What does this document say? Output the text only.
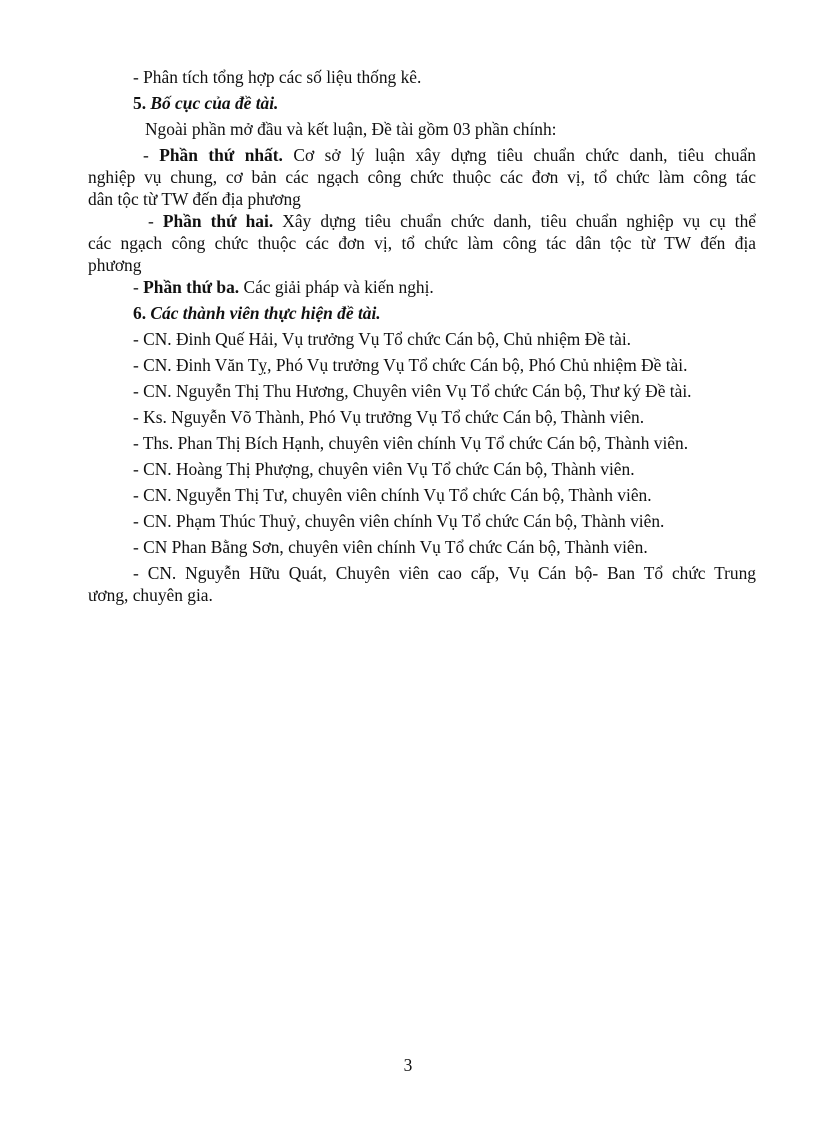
- Phân tích tổng hợp các số liệu thống kê.
5. Bố cục của đề tài.
Ngoài phần mở đầu và kết luận, Đề tài gồm 03 phần chính:
- Phần thứ nhất. Cơ sở lý luận xây dựng tiêu chuẩn chức danh, tiêu chuẩn
nghiệp vụ chung, cơ bản các ngạch công chức thuộc các đơn vị, tổ chức làm công tác
dân tộc từ TW đến địa phương
- Phần thứ hai. Xây dựng tiêu chuẩn chức danh, tiêu chuẩn nghiệp vụ cụ thể
các ngạch công chức thuộc các đơn vị, tổ chức làm công tác dân tộc từ TW đến địa
phương
- Phần thứ ba. Các giải pháp và kiến nghị.
6. Các thành viên thực hiện đề tài.
- CN. Đinh Quế Hải, Vụ trưởng Vụ Tổ chức Cán bộ, Chủ nhiệm Đề tài.
- CN. Đinh Văn Tỵ, Phó Vụ trưởng Vụ Tổ chức Cán bộ, Phó Chủ nhiệm Đề tài.
- CN. Nguyễn Thị Thu Hương, Chuyên viên Vụ Tổ chức Cán bộ, Thư ký Đề tài.
- Ks. Nguyễn Võ Thành, Phó Vụ trưởng Vụ Tổ chức Cán bộ, Thành viên.
- Ths. Phan Thị Bích Hạnh, chuyên viên chính Vụ Tổ chức Cán bộ, Thành viên.
- CN. Hoàng Thị Phượng, chuyên viên Vụ Tổ chức Cán bộ, Thành viên.
- CN. Nguyễn Thị Tư, chuyên viên chính Vụ Tổ chức Cán bộ, Thành viên.
- CN. Phạm Thúc Thuỷ, chuyên viên chính Vụ Tổ chức Cán bộ, Thành viên.
- CN Phan Bằng Sơn, chuyên viên chính Vụ Tổ chức Cán bộ, Thành viên.
- CN. Nguyễn Hữu Quát, Chuyên viên cao cấp, Vụ Cán bộ- Ban Tổ chức Trung
ương, chuyên gia.
3
